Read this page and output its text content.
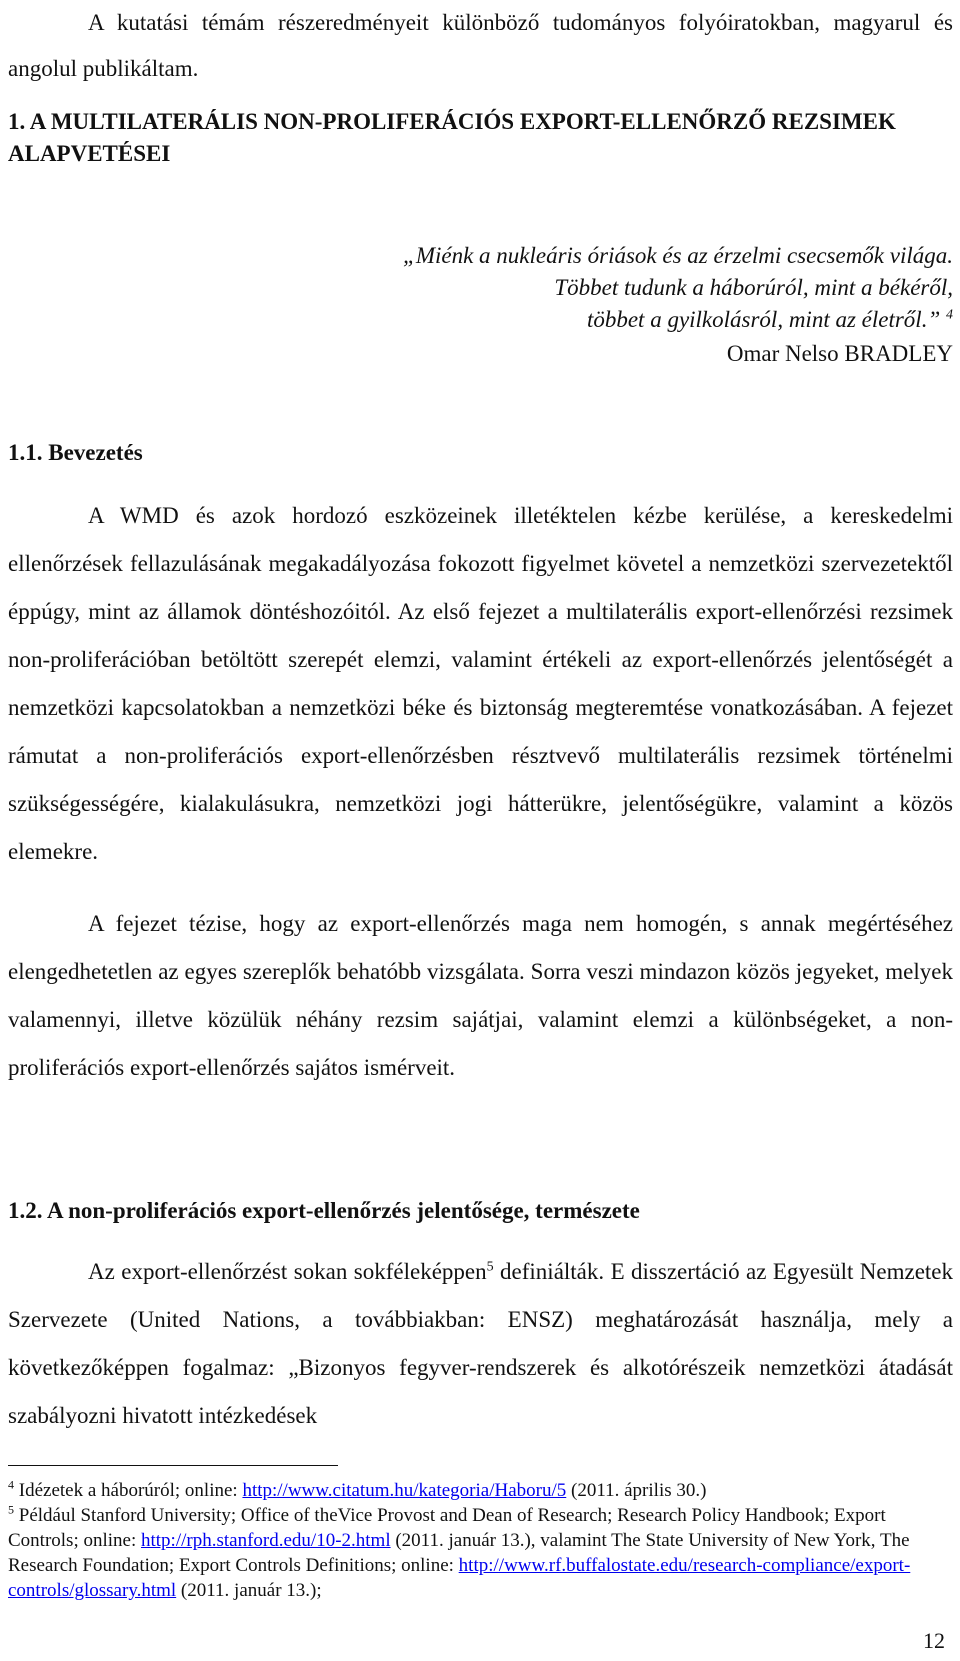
A kutatási témám részeredményeit különböző tudományos folyóiratokban, magyarul és angolul publikáltam.

1. A MULTILATERÁLIS NON-PROLIFERÁCIÓS EXPORT-ELLENŐRZŐ REZSIMEK ALAPVETÉSEI
„Miénk a nukleáris óriások és az érzelmi csecsemők világa.
Többet tudunk a háborúról, mint a békéről,
többet a gyilkolásról, mint az életről.” $^4$
Omar Nelso BRADLEY
1.1. Bevezetés

A WMD és azok hordozó eszközeinek illetéktelen kézbe kerülése, a kereskedelmi ellenőrzések fellazulásának megakadályozása fokozott figyelmet követel a nemzetközi szervezetektől éppúgy, mint az államok döntéshozóitól. Az első fejezet a multilaterális export-ellenőrzési rezsimek non-proliferációban betöltött szerepét elemzi, valamint értékeli az export-ellenőrzés jelentőségét a nemzetközi kapcsolatokban a nemzetközi béke és biztonság megteremtése vonatkozásában. A fejezet rámutat a non-proliferációs export-ellenőrzésben résztvevő multilaterális rezsimek történelmi szükségességére, kialakulásukra, nemzetközi jogi hátterükre, jelentőségükre, valamint a közös elemekre.

A fejezet tézise, hogy az export-ellenőrzés maga nem homogén, s annak megértéséhez elengedhetetlen az egyes szereplők behatóbb vizsgálata. Sorra veszi mindazon közös jegyeket, melyek valamennyi, illetve közülük néhány rezsim sajátjai, valamint elemzi a különbségeket, a non-proliferációs export-ellenőrzés sajátos ismérveit.

1.2. A non-proliferációs export-ellenőrzés jelentősége, természete

Az export-ellenőrzést sokan sokféleképpen$^5$ definiálták. E disszertáció az Egyesült Nemzetek Szervezete (United Nations, a továbbiakban: ENSZ) meghatározását használja, mely a következőképpen fogalmaz: „Bizonyos fegyver-rendszerek és alkotórészeik nemzetközi átadását szabályozni hivatott intézkedések

$^4$ Idézetek a háborúról; online: http://www.citatum.hu/kategoria/Haboru/5 (2011. április 30.)

$^5$ Például Stanford University; Office of theVice Provost and Dean of Research; Research Policy Handbook; Export Controls; online: http://rph.stanford.edu/10-2.html (2011. január 13.), valamint The State University of New York, The Research Foundation; Export Controls Definitions; online: http://www.rf.buffalostate.edu/research-compliance/export-controls/glossary.html (2011. január 13.);

12
